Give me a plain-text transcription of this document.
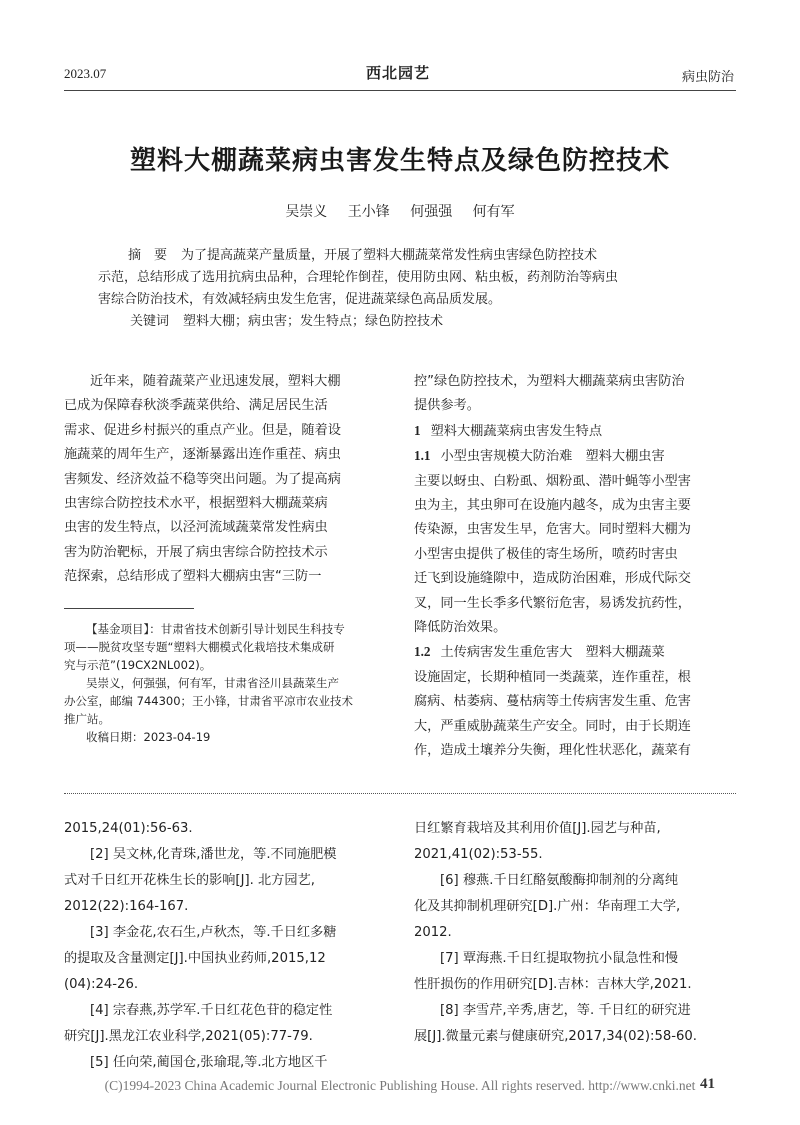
2023.07	西北园艺	病虫防治
塑料大棚蔬菜病虫害发生特点及绿色防控技术
吴崇义 王小锋 何强强 何有军
摘　要 为了提高蔬菜产量质量，开展了塑料大棚蔬菜常发性病虫害绿色防控技术
示范，总结形成了选用抗病虫品种，合理轮作倒茬，使用防虫网、粘虫板，药剂防治等病虫
害综合防治技术，有效减轻病虫发生危害，促进蔬菜绿色高品质发展。
关键词 塑料大棚；病虫害；发生特点；绿色防控技术

近年来，随着蔬菜产业迅速发展，塑料大棚

已成为保障春秋淡季蔬菜供给、满足居民生活

需求、促进乡村振兴的重点产业。但是，随着设

施蔬菜的周年生产，逐渐暴露出连作重茬、病虫

害频发、经济效益不稳等突出问题。为了提高病

虫害综合防控技术水平，根据塑料大棚蔬菜病

虫害的发生特点，以泾河流域蔬菜常发性病虫

害为防治靶标，开展了病虫害综合防控技术示

范探索，总结形成了塑料大棚病虫害“三防一

【基金项目】：甘肃省技术创新引导计划民生科技专

项——脱贫攻坚专题“塑料大棚模式化栽培技术集成研

究与示范”(19CX2NL002)。

吴崇义，何强强，何有军，甘肃省泾川县蔬菜生产

办公室，邮编 744300；王小锋，甘肃省平凉市农业技术

推广站。

收稿日期：2023-04-19

控”绿色防控技术，为塑料大棚蔬菜病虫害防治

提供参考。

1 塑料大棚蔬菜病虫害发生特点

1.1 小型虫害规模大防治难　塑料大棚虫害

主要以蚜虫、白粉虱、烟粉虱、潜叶蝇等小型害

虫为主，其虫卵可在设施内越冬，成为虫害主要

传染源，虫害发生早，危害大。同时塑料大棚为

小型害虫提供了极佳的寄生场所，喷药时害虫

迁飞到设施缝隙中，造成防治困难，形成代际交

叉，同一生长季多代繁衍危害，易诱发抗药性，

降低防治效果。

1.2 土传病害发生重危害大　塑料大棚蔬菜

设施固定，长期种植同一类蔬菜，连作重茬，根

腐病、枯萎病、蔓枯病等土传病害发生重、危害

大，严重威胁蔬菜生产安全。同时，由于长期连

作，造成土壤养分失衡，理化性状恶化，蔬菜有

2015,24(01):56-63.

[2] 吴文林,化青珠,潘世龙，等.不同施肥模

式对千日红开花株生长的影响[J]. 北方园艺,

2012(22):164-167.

[3] 李金花,农石生,卢秋杰，等.千日红多糖

的提取及含量测定[J].中国执业药师,2015,12

(04):24-26.

[4] 宗春燕,苏学军.千日红花色苷的稳定性

研究[J].黑龙江农业科学,2021(05):77-79.

[5] 任向荣,蔺国仓,张瑜琨,等.北方地区千

日红繁育栽培及其利用价值[J].园艺与种苗,

2021,41(02):53-55.

[6] 穆燕.千日红酪氨酸酶抑制剂的分离纯

化及其抑制机理研究[D].广州：华南理工大学,

2012.

[7] 覃海燕.千日红提取物抗小鼠急性和慢

性肝损伤的作用研究[D].吉林：吉林大学,2021.

[8] 李雪芹,辛秀,唐艺，等. 千日红的研究进

展[J].微量元素与健康研究,2017,34(02):58-60.

(C)1994-2023 China Academic Journal Electronic Publishing House. All rights reserved. http://www.cnki.net 41
